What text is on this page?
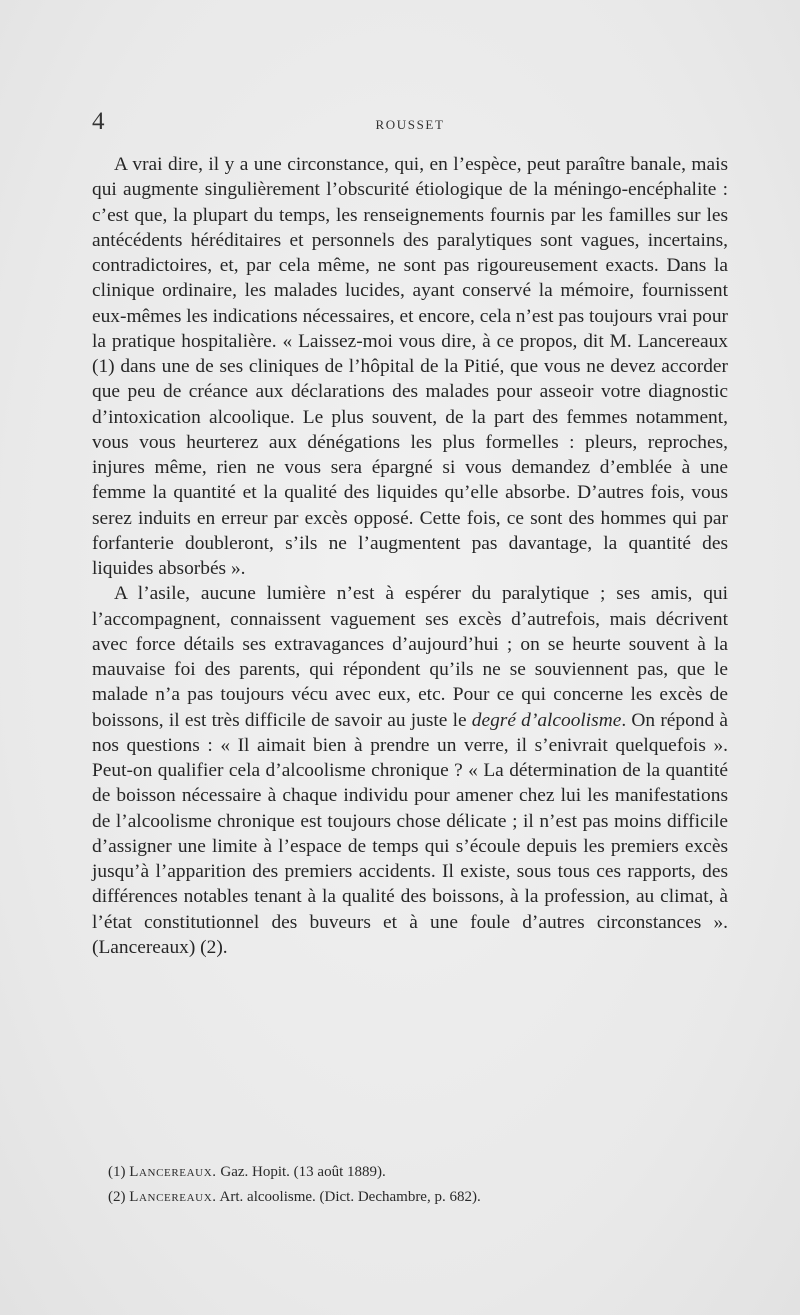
4	ROUSSET

A vrai dire, il y a une circonstance, qui, en l’espèce, peut paraître banale, mais qui augmente singulièrement l’obscurité étiologique de la méningo-encéphalite : c’est que, la plupart du temps, les renseignements fournis par les familles sur les antécédents héréditaires et personnels des paralytiques sont vagues, incertains, contradictoires, et, par cela même, ne sont pas rigoureusement exacts. Dans la clinique ordinaire, les malades lucides, ayant conservé la mémoire, fournissent eux-mêmes les indications nécessaires, et encore, cela n’est pas toujours vrai pour la pratique hospitalière. « Laissez-moi vous dire, à ce propos, dit M. Lancereaux (1) dans une de ses cliniques de l’hôpital de la Pitié, que vous ne devez accorder que peu de créance aux déclarations des malades pour asseoir votre diagnostic d’intoxication alcoolique. Le plus souvent, de la part des femmes notamment, vous vous heurterez aux dénégations les plus formelles : pleurs, reproches, injures même, rien ne vous sera épargné si vous demandez d’emblée à une femme la quantité et la qualité des liquides qu’elle absorbe. D’autres fois, vous serez induits en erreur par excès opposé. Cette fois, ce sont des hommes qui par forfanterie doubleront, s’ils ne l’augmentent pas davantage, la quantité des liquides absorbés ».

A l’asile, aucune lumière n’est à espérer du paralytique ; ses amis, qui l’accompagnent, connaissent vaguement ses excès d’autrefois, mais décrivent avec force détails ses extravagances d’aujourd’hui ; on se heurte souvent à la mauvaise foi des parents, qui répondent qu’ils ne se souviennent pas, que le malade n’a pas toujours vécu avec eux, etc. Pour ce qui concerne les excès de boissons, il est très difficile de savoir au juste le degré d’alcoolisme. On répond à nos questions : « Il aimait bien à prendre un verre, il s’enivrait quelquefois ». Peut-on qualifier cela d’alcoolisme chronique ? « La détermination de la quantité de boisson nécessaire à chaque individu pour amener chez lui les manifestations de l’alcoolisme chronique est toujours chose délicate ; il n’est pas moins difficile d’assigner une limite à l’espace de temps qui s’écoule depuis les premiers excès jusqu’à l’apparition des premiers accidents. Il existe, sous tous ces rapports, des différences notables tenant à la qualité des boissons, à la profession, au climat, à l’état constitutionnel des buveurs et à une foule d’autres circonstances ». (Lancereaux) (2).

(1) Lancereaux. Gaz. Hopit. (13 août 1889).

(2) Lancereaux. Art. alcoolisme. (Dict. Dechambre, p. 682).
